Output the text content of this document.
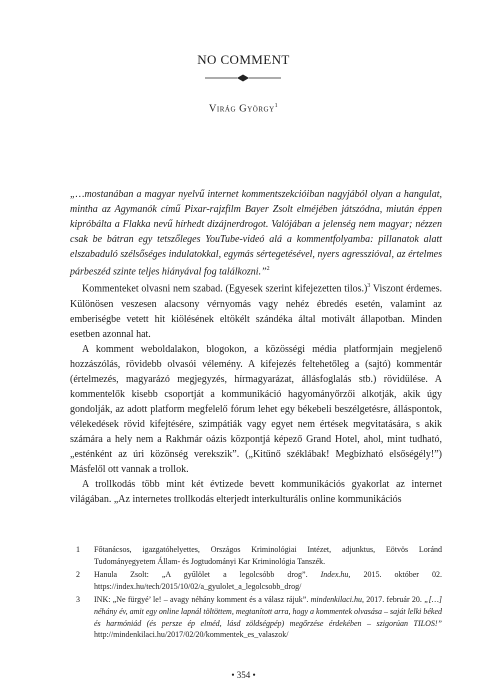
NO COMMENT
Virág György$^1$

„…mostanában a magyar nyelvű internet kommentszekcióiban nagyjából olyan a hangulat, mintha az Agymanók című Pixar-rajzfilm Bayer Zsolt elméjében játszódna, miután éppen kipróbálta a Flakka nevű hírhedt dizájnerdrogot. Valójában a jelenség nem magyar; nézzen csak be bátran egy tetszőleges YouTube-videó alá a kommentfolyamba: pillanatok alatt elszabaduló szélsőséges indulatokkal, egymás sértegetésével, nyers agresszióval, az értelmes párbeszéd szinte teljes hiányával fog találkozni.”$^2$

Kommenteket olvasni nem szabad. (Egyesek szerint kifejezetten tilos.)$^3$ Viszont érdemes. Különösen veszesen alacsony vérnyomás vagy nehéz ébredés esetén, valamint az emberiségbe vetett hit kiölésének eltökélt szándéka által motivált állapotban. Minden esetben azonnal hat.

A komment weboldalakon, blogokon, a közösségi média platformjain megjelenő hozzászólás, rövidebb olvasói vélemény. A kifejezés feltehetőleg a (sajtó) kommentár (értelmezés, magyarázó megjegyzés, hírmagyarázat, állásfoglalás stb.) rövidülése. A kommentelők kisebb csoportját a kommunikáció hagyományőrzői alkotják, akik úgy gondolják, az adott platform megfelelő fórum lehet egy békebeli beszélgetésre, álláspontok, vélekedések rövid kifejtésére, szimpátiák vagy egyet nem értések megvitatására, s akik számára a hely nem a Rakhmár oázis központjá képező Grand Hotel, ahol, mint tudható, „esténként az úri közönség verekszik”. („Kitűnő széklábak! Megbízható elsőségély!”) Másfelől ott vannak a trollok.

A trollkodás több mint két évtizede bevett kommunikációs gyakorlat az internet világában. „Az internetes trollkodás elterjedt interkulturális online kommunikációs

1 Főtanácsos, igazgatóhelyettes, Országos Kriminológiai Intézet, adjunktus, Eötvös Loránd Tudományegyetem Állam- és Jogtudományi Kar Kriminológia Tanszék.
2 Hanula Zsolt: „A gyűlölet a legolcsóbb drog”. Index.hu, 2015. október 02. https://index.hu/tech/2015/10/02/a_gyulolet_a_legolcsobb_drog/
3 INK: „Ne fürgyé’ le! – avagy néhány komment és a válasz rájuk”. mindenkilaci.hu, 2017. február 20. „[…] néhány év, amit egy online lapnál töltöttem, megtanított arra, hogy a kommentek olvasása – saját lelki béked és harmóniád (és persze ép elméd, lásd zöldségpép) megőrzése érdekében – szigorúan TILOS!” http://mindenkilaci.hu/2017/02/20/kommentek_es_valaszok/
• 354 •
